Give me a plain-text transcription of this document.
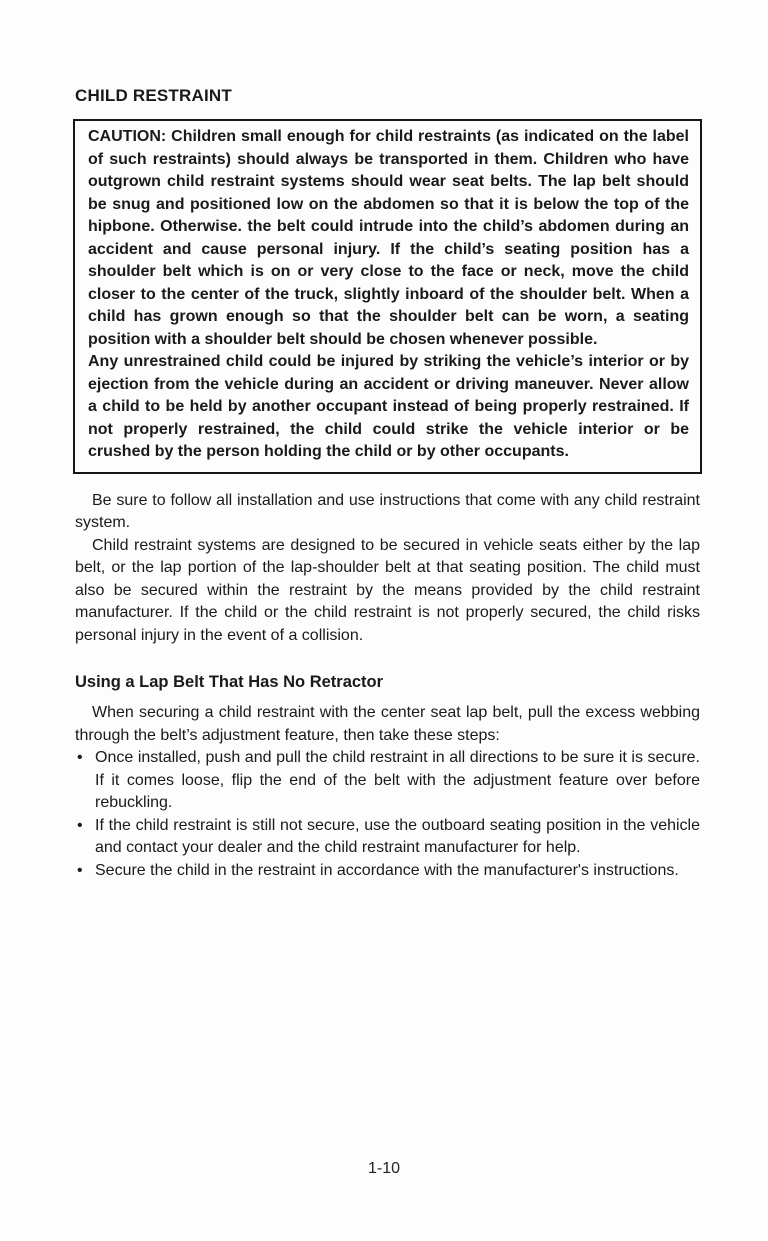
CHILD RESTRAINT

CAUTION: Children small enough for child restraints (as indicated on the label of such restraints) should always be transported in them. Children who have outgrown child restraint systems should wear seat belts. The lap belt should be snug and positioned low on the abdomen so that it is below the top of the hipbone. Otherwise. the belt could intrude into the child’s abdomen during an accident and cause personal injury. If the child’s seating position has a shoulder belt which is on or very close to the face or neck, move the child closer to the center of the truck, slightly inboard of the shoulder belt. When a child has grown enough so that the shoulder belt can be worn, a seating position with a shoulder belt should be chosen whenever possible.

Any unrestrained child could be injured by striking the vehicle’s interior or by ejection from the vehicle during an accident or driving maneuver. Never allow a child to be held by another occupant instead of being properly restrained. If not properly restrained, the child could strike the vehicle interior or be crushed by the person holding the child or by other occupants.

Be sure to follow all installation and use instructions that come with any child restraint system.

Child restraint systems are designed to be secured in vehicle seats either by the lap belt, or the lap portion of the lap-shoulder belt at that seating position. The child must also be secured within the restraint by the means provided by the child restraint manufacturer. If the child or the child restraint is not properly secured, the child risks personal injury in the event of a collision.

Using a Lap Belt That Has No Retractor

When securing a child restraint with the center seat lap belt, pull the excess webbing through the belt’s adjustment feature, then take these steps:

• Once installed, push and pull the child restraint in all directions to be sure it is secure. If it comes loose, flip the end of the belt with the adjustment feature over before rebuckling.
• If the child restraint is still not secure, use the outboard seating position in the vehicle and contact your dealer and the child restraint manufacturer for help.
• Secure the child in the restraint in accordance with the manufacturer's instructions.
1-10
